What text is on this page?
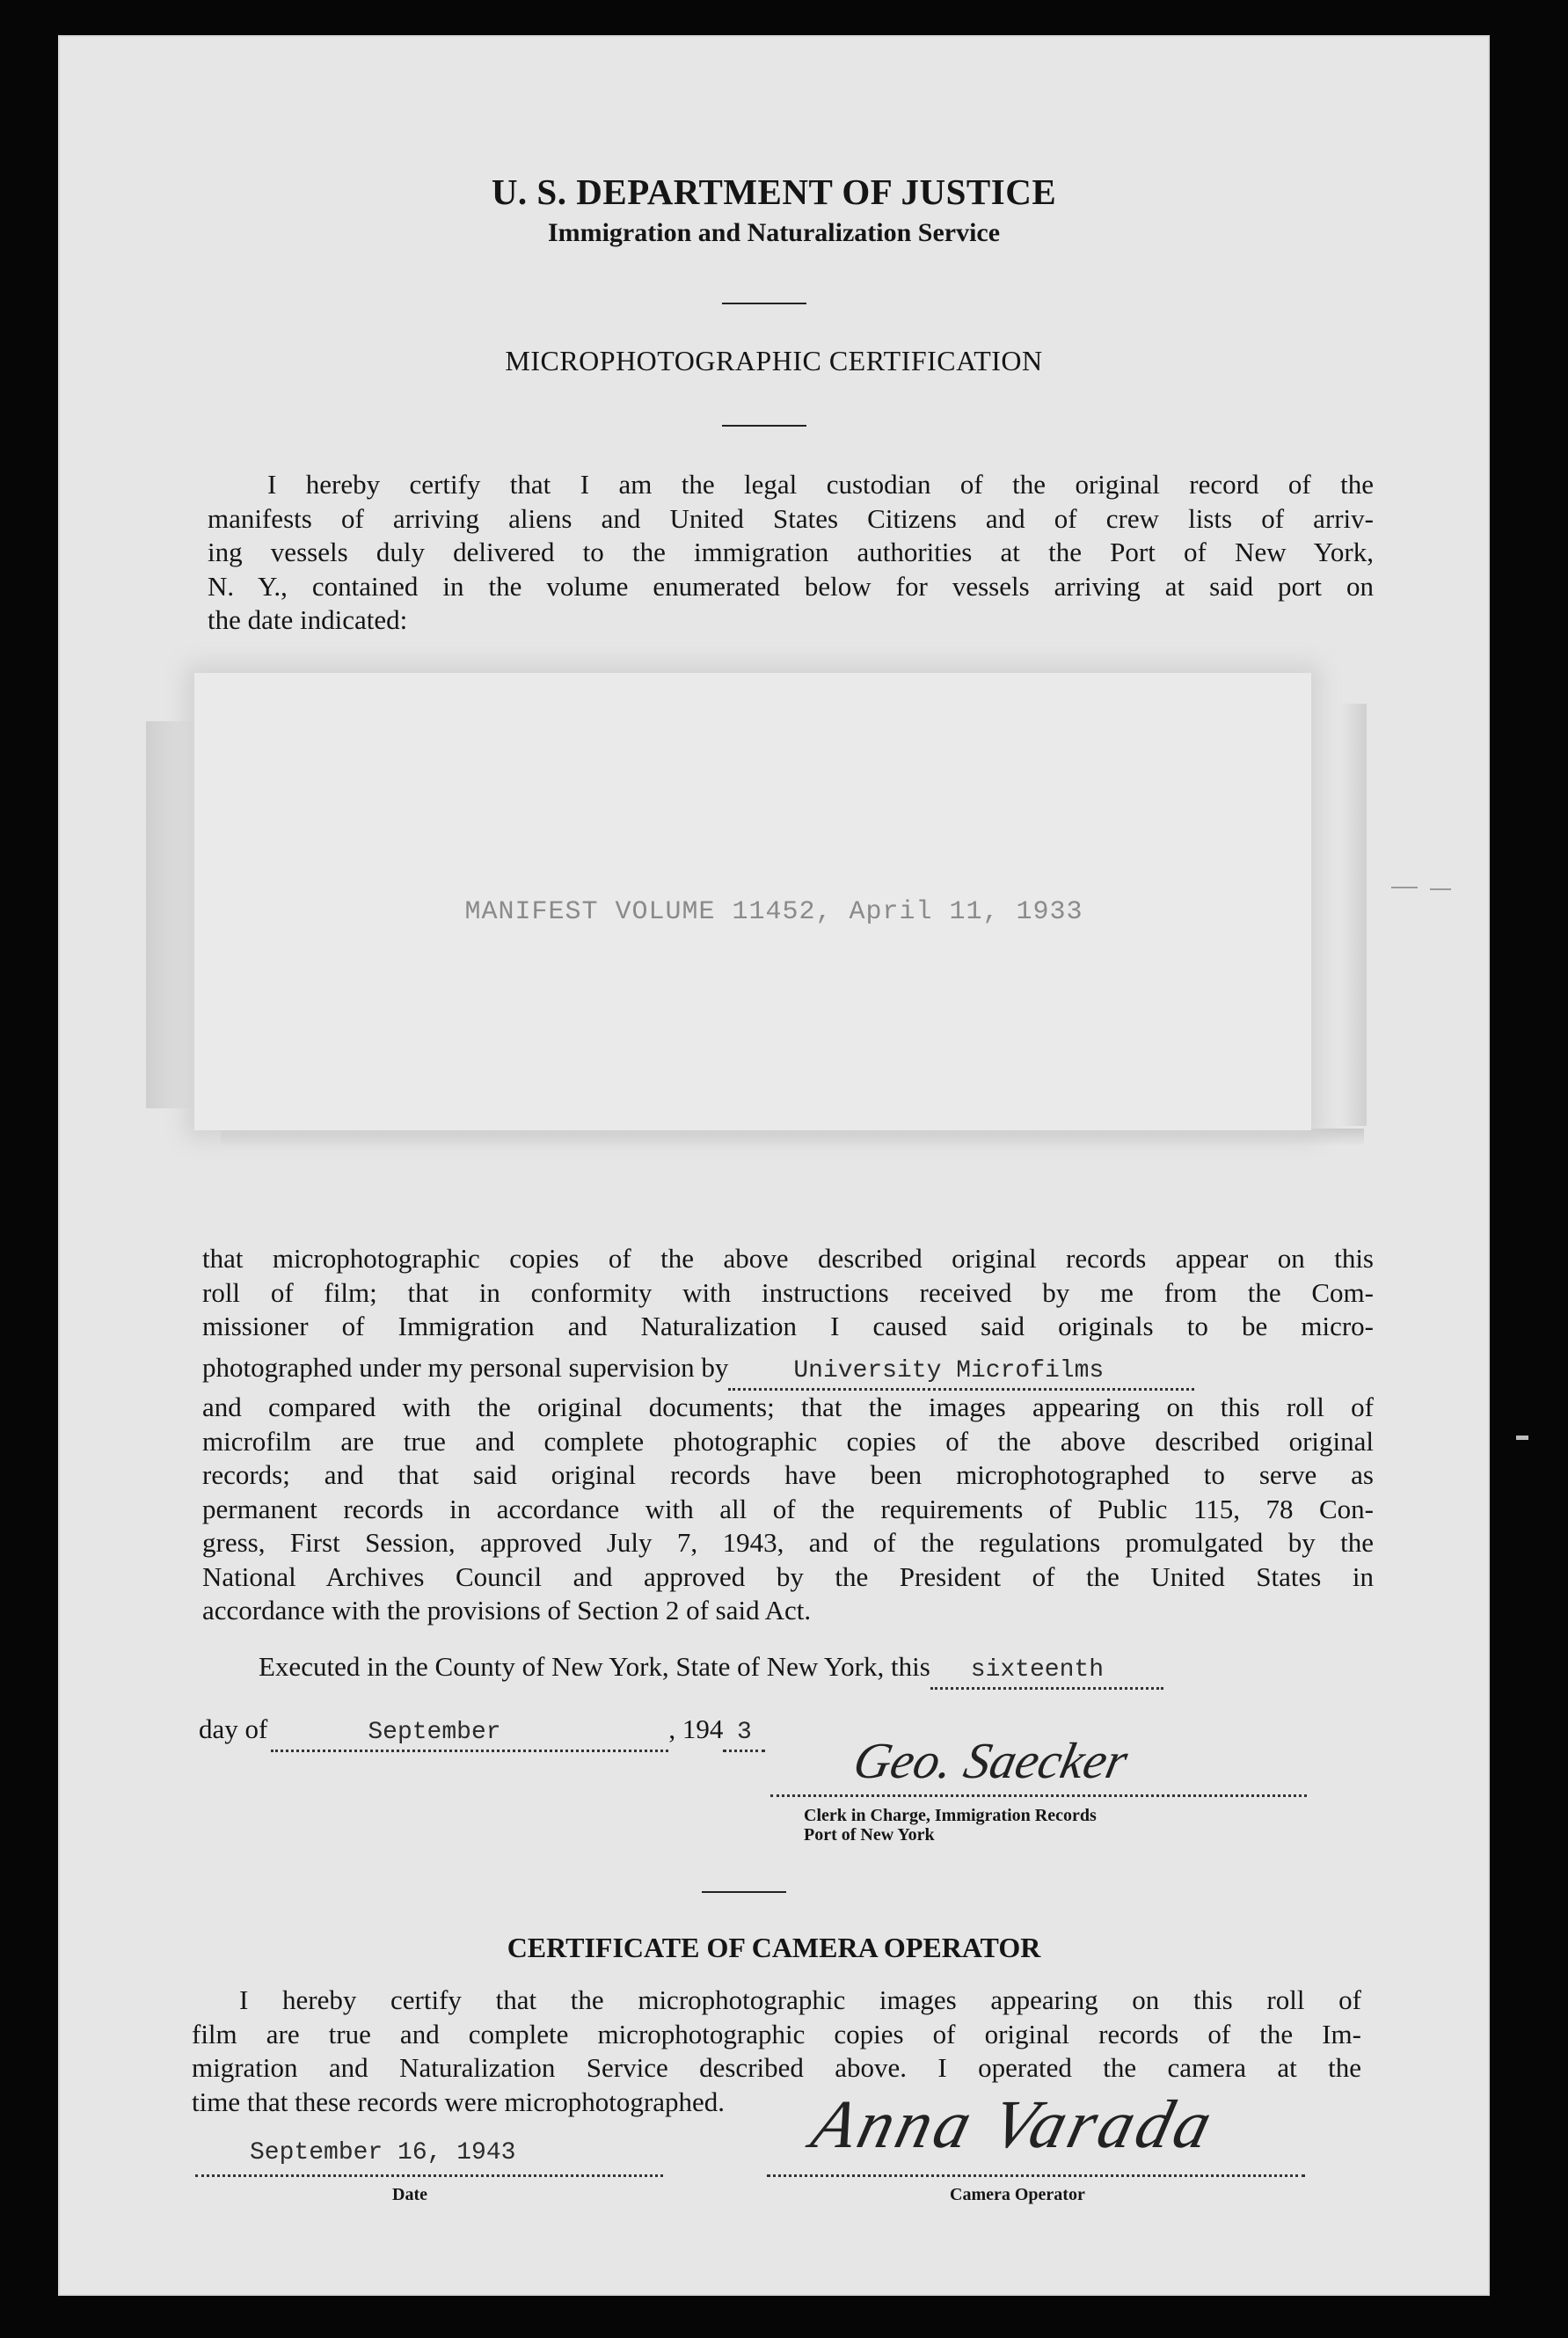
U. S. DEPARTMENT OF JUSTICE
Immigration and Naturalization Service
MICROPHOTOGRAPHIC CERTIFICATION
I hereby certify that I am the legal custodian of the original record of the
manifests of arriving aliens and United States Citizens and of crew lists of arriv-
ing vessels duly delivered to the immigration authorities at the Port of New York,
N. Y., contained in the volume enumerated below for vessels arriving at said port on
the date indicated:
MANIFEST VOLUME 11452, April 11, 1933
that microphotographic copies of the above described original records appear on this
roll of film; that in conformity with instructions received by me from the Com-
missioner of Immigration and Naturalization I caused said originals to be micro-
photographed under my personal supervision by	University Microfilms
and compared with the original documents; that the images appearing on this roll of
microfilm are true and complete photographic copies of the above described original
records; and that said original records have been microphotographed to serve as
permanent records in accordance with all of the requirements of Public 115, 78 Con-
gress, First Session, approved July 7, 1943, and of the regulations promulgated by the
National Archives Council and approved by the President of the United States in
accordance with the provisions of Section 2 of said Act.
Executed in the County of New York, State of New York, this sixteenth
day of	September	, 194 3 Geo. Saecker
Clerk in Charge, Immigration Records
Port of New York
CERTIFICATE OF CAMERA OPERATOR
I hereby certify that the microphotographic images appearing on this roll of
film are true and complete microphotographic copies of original records of the Im-
migration and Naturalization Service described above. I operated the camera at the
time that these records were microphotographed.
September 16, 1943
Date
Anna Varada
Camera Operator
